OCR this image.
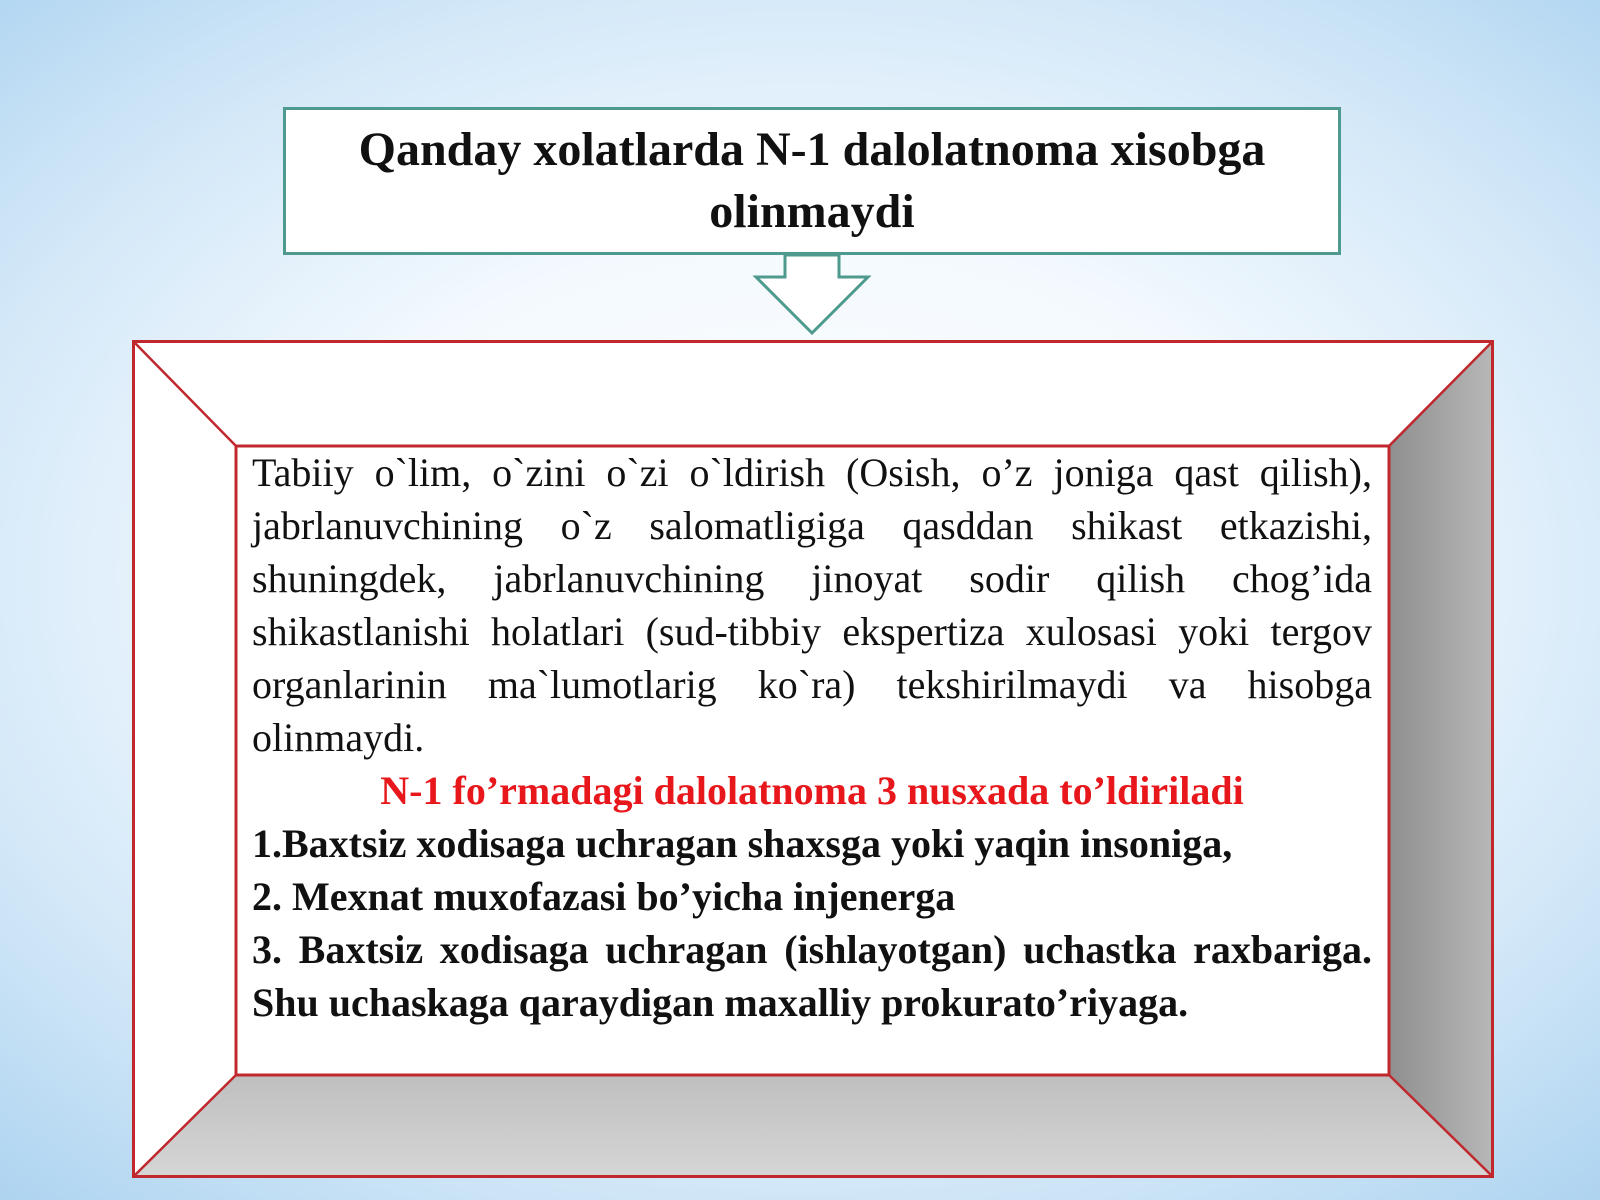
Qanday xolatlarda N-1 dalolatnoma xisobga olinmaydi

Tabiiy o`lim, o`zini o`zi o`ldirish (Osish, o’z joniga qast qilish), jabrlanuvchining o`z salomatligiga qasddan shikast etkazishi, shuningdek, jabrlanuvchining jinoyat sodir qilish chog’ida shikastlanishi holatlari (sud-tibbiy ekspertiza xulosasi yoki tergov organlarinin ma`lumotlarig ko`ra) tekshirilmaydi va hisobga olinmaydi.

N-1 fo’rmadagi dalolatnoma 3 nusxada to’ldiriladi

1.Baxtsiz xodisaga uchragan shaxsga yoki yaqin insoniga,

2. Mexnat muxofazasi bo’yicha injenerga

3. Baxtsiz xodisaga uchragan (ishlayotgan) uchastka raxbariga. Shu uchaskaga qaraydigan maxalliy prokurato’riyaga.
